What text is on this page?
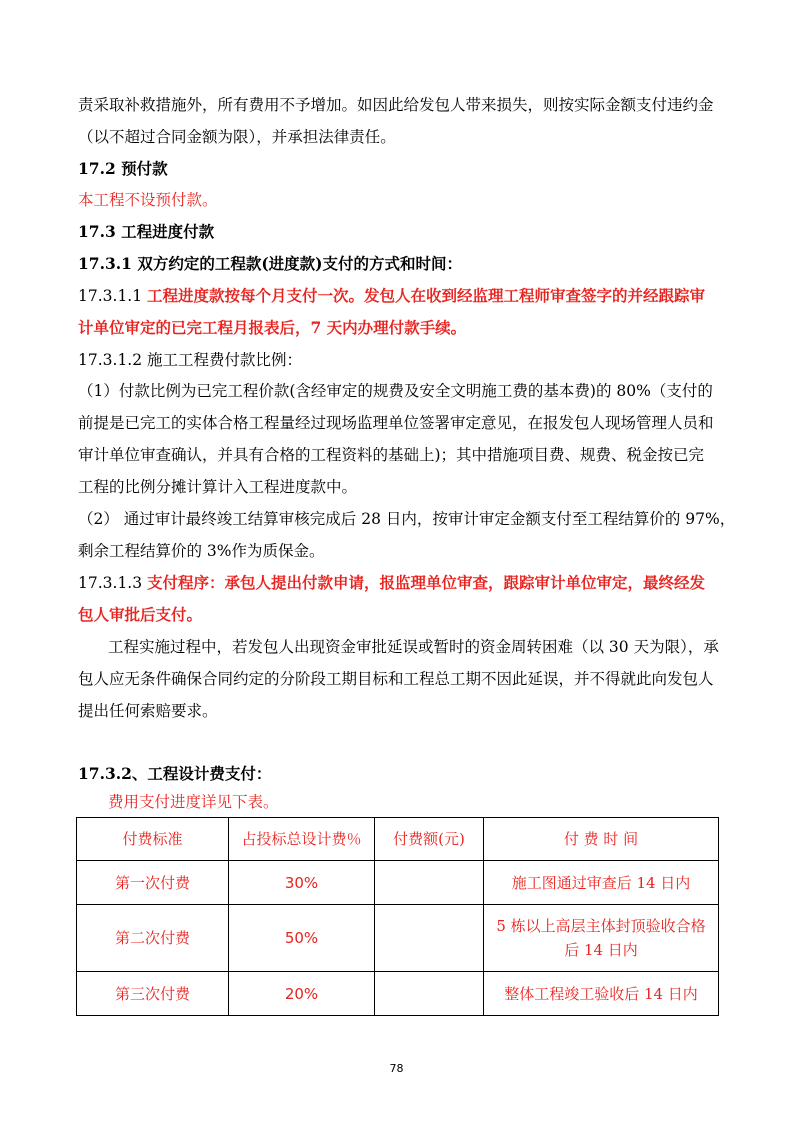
责采取补救措施外，所有费用不予增加。如因此给发包人带来损失，则按实际金额支付违约金
（以不超过合同金额为限），并承担法律责任。
17.2 预付款
本工程不设预付款。
17.3 工程进度付款
17.3.1 双方约定的工程款(进度款)支付的方式和时间：
17.3.1.1 工程进度款按每个月支付一次。发包人在收到经监理工程师审查签字的并经跟踪审
计单位审定的已完工程月报表后，7 天内办理付款手续。
17.3.1.2 施工工程费付款比例：
（1）付款比例为已完工程价款(含经审定的规费及安全文明施工费的基本费)的 80%（支付的
前提是已完工的实体合格工程量经过现场监理单位签署审定意见，在报发包人现场管理人员和
审计单位审查确认，并具有合格的工程资料的基础上)；其中措施项目费、规费、税金按已完
工程的比例分摊计算计入工程进度款中。
（2） 通过审计最终竣工结算审核完成后 28 日内，按审计审定金额支付至工程结算价的 97%，
剩余工程结算价的 3%作为质保金。
17.3.1.3 支付程序：承包人提出付款申请，报监理单位审查，跟踪审计单位审定，最终经发
包人审批后支付。
工程实施过程中，若发包人出现资金审批延误或暂时的资金周转困难（以 30 天为限），承
包人应无条件确保合同约定的分阶段工期目标和工程总工期不因此延误，并不得就此向发包人
提出任何索赔要求。
17.3.2、工程设计费支付：
费用支付进度详见下表。
付费标准	占投标总设计费％	付费额(元)	付 费 时 间
第一次付费	30%		施工图通过审查后 14 日内
第二次付费	50%		5 栋以上高层主体封顶验收合格
后 14 日内

第三次付费	20%		整体工程竣工验收后 14 日内
78
